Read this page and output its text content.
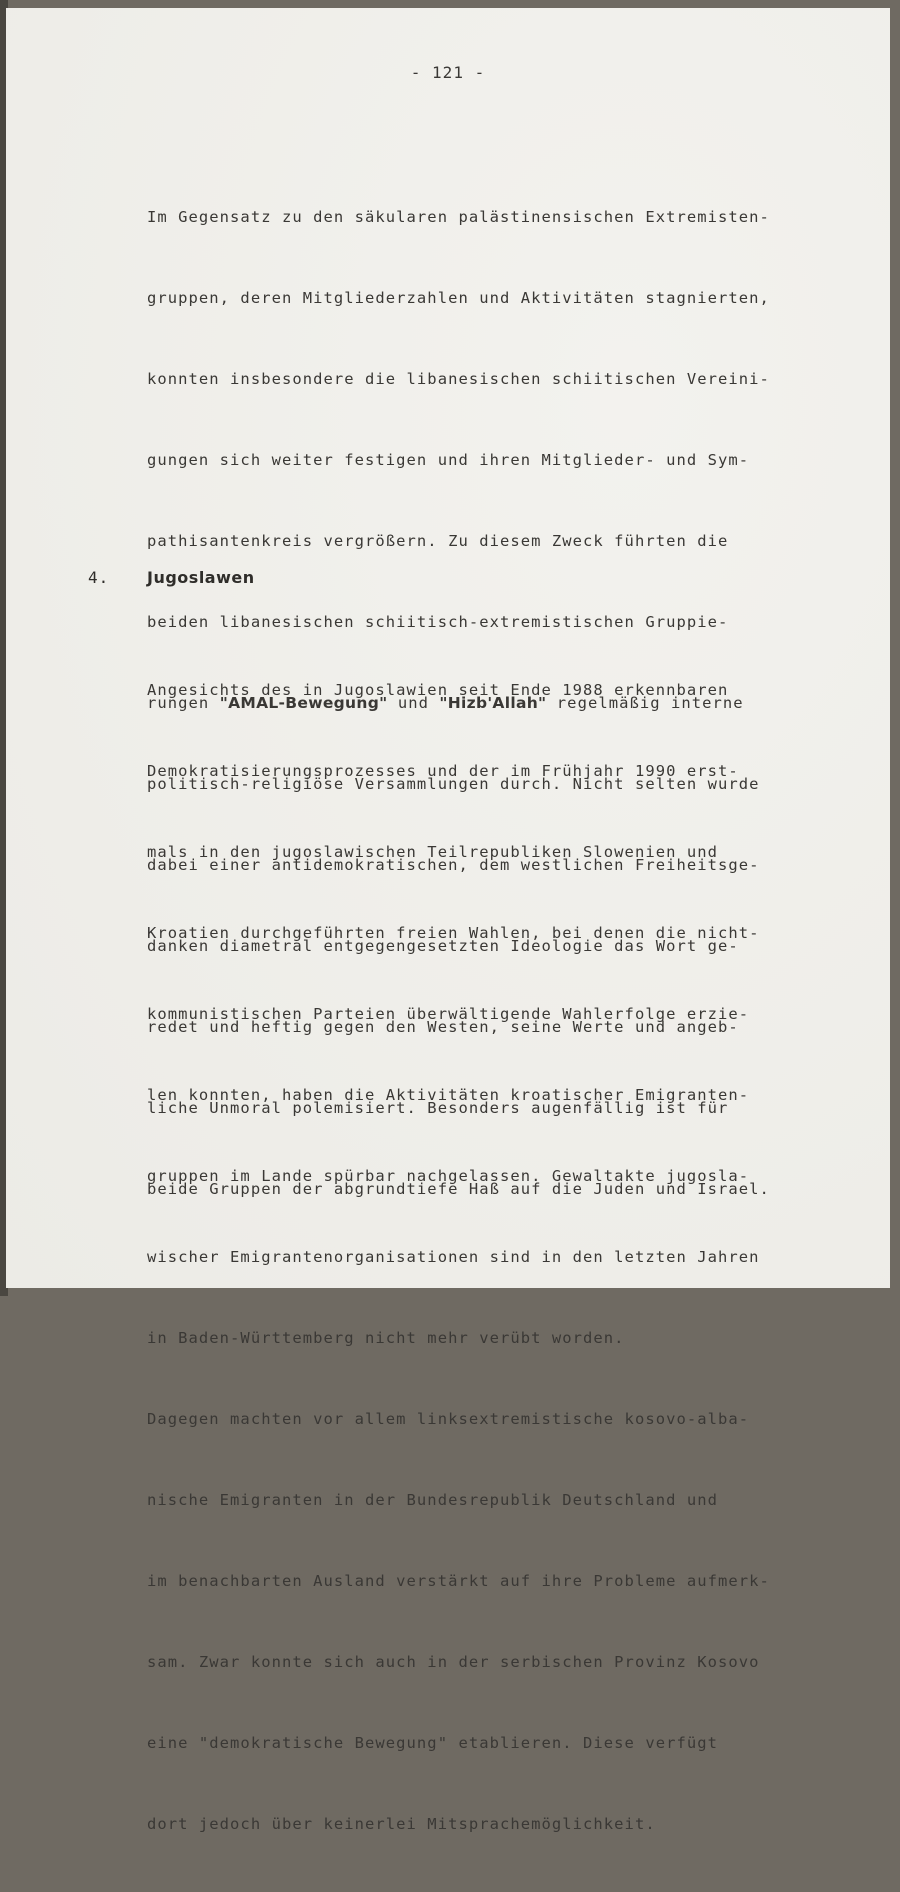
- 121 -

Im Gegensatz zu den säkularen palästinensischen Extremisten-

gruppen, deren Mitgliederzahlen und Aktivitäten stagnierten,

konnten insbesondere die libanesischen schiitischen Vereini-

gungen sich weiter festigen und ihren Mitglieder- und Sym-

pathisantenkreis vergrößern. Zu diesem Zweck führten die

beiden libanesischen schiitisch-extremistischen Gruppie-

rungen "AMAL-Bewegung" und "Hizb'Allah" regelmäßig interne

politisch-religiöse Versammlungen durch. Nicht selten wurde

dabei einer antidemokratischen, dem westlichen Freiheitsge-

danken diametral entgegengesetzten Ideologie das Wort ge-

redet und heftig gegen den Westen, seine Werte und angeb-

liche Unmoral polemisiert. Besonders augenfällig ist für

beide Gruppen der abgrundtiefe Haß auf die Juden und Israel.

4. Jugoslawen

Angesichts des in Jugoslawien seit Ende 1988 erkennbaren

Demokratisierungsprozesses und der im Frühjahr 1990 erst-

mals in den jugoslawischen Teilrepubliken Slowenien und

Kroatien durchgeführten freien Wahlen, bei denen die nicht-

kommunistischen Parteien überwältigende Wahlerfolge erzie-

len konnten, haben die Aktivitäten kroatischer Emigranten-

gruppen im Lande spürbar nachgelassen. Gewaltakte jugosla-

wischer Emigrantenorganisationen sind in den letzten Jahren

in Baden-Württemberg nicht mehr verübt worden.

Dagegen machten vor allem linksextremistische kosovo-alba-

nische Emigranten in der Bundesrepublik Deutschland und

im benachbarten Ausland verstärkt auf ihre Probleme aufmerk-

sam. Zwar konnte sich auch in der serbischen Provinz Kosovo

eine "demokratische Bewegung" etablieren. Diese verfügt

dort jedoch über keinerlei Mitsprachemöglichkeit.
